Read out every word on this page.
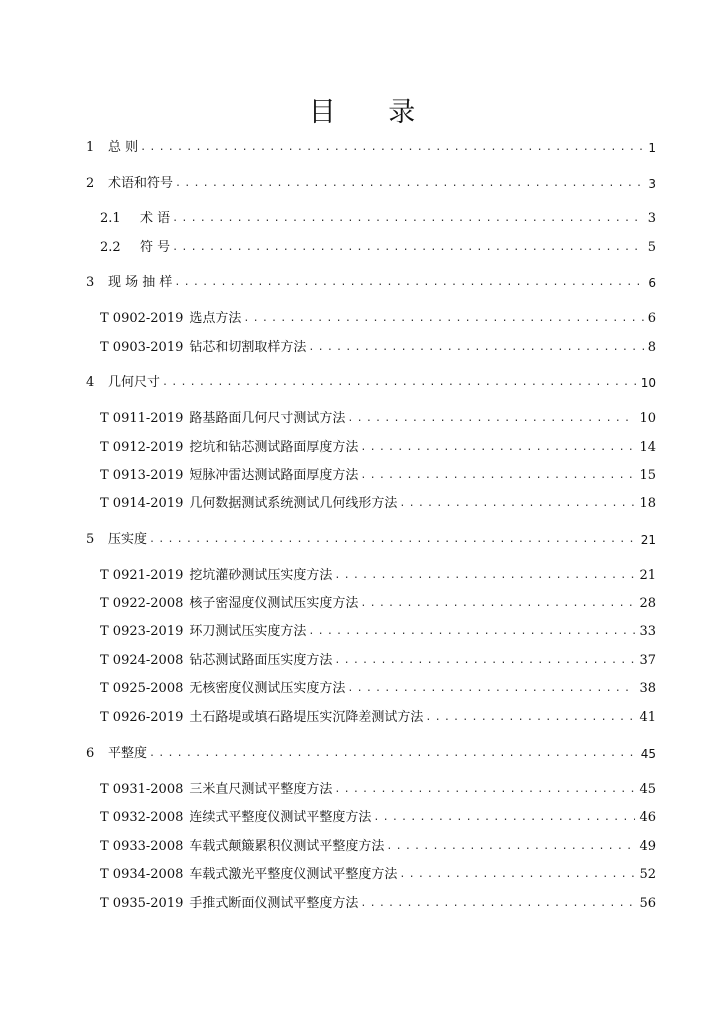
目 录
1	总 则 .....	1
2	术语和符号 .....	3
2.1	术 语 .....	3
2.2	符 号 .....	5
3	现 场 抽 样 .....	6
T 0902-2019 选点方法 .....	6
T 0903-2019 钻芯和切割取样方法 .....	8
4	几何尺寸 .....	10
T 0911-2019 路基路面几何尺寸测试方法 .....	10
T 0912-2019 挖坑和钻芯测试路面厚度方法 .....	14
T 0913-2019 短脉冲雷达测试路面厚度方法 .....	15
T 0914-2019 几何数据测试系统测试几何线形方法 .....	18
5	压实度 .....	21
T 0921-2019 挖坑灌砂测试压实度方法 .....	21
T 0922-2008 核子密湿度仪测试压实度方法 .....	28
T 0923-2019 环刀测试压实度方法 .....	33
T 0924-2008 钻芯测试路面压实度方法 .....	37
T 0925-2008 无核密度仪测试压实度方法 .....	38
T 0926-2019 土石路堤或填石路堤压实沉降差测试方法 .....	41
6	平整度 .....	45
T 0931-2008 三米直尺测试平整度方法 .....	45
T 0932-2008 连续式平整度仪测试平整度方法 .....	46
T 0933-2008 车载式颠簸累积仪测试平整度方法 .....	49
T 0934-2008 车载式激光平整度仪测试平整度方法 .....	52
T 0935-2019 手推式断面仪测试平整度方法 .....	56
